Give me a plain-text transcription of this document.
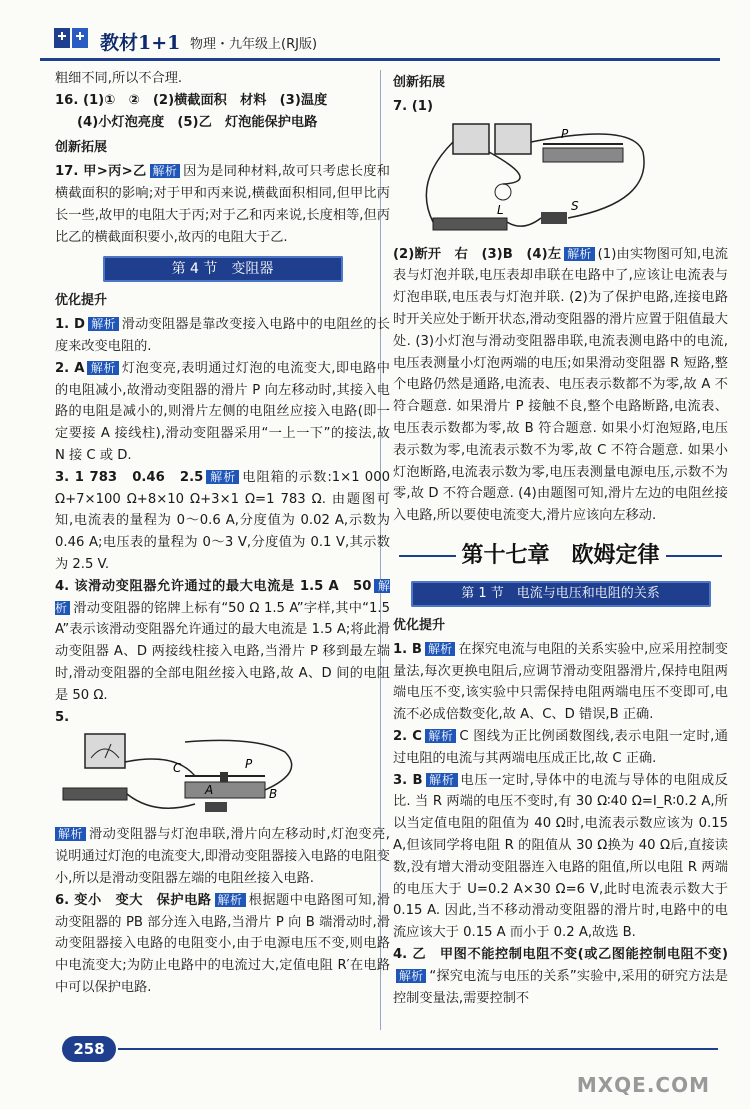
教材1+1 物理・九年级上(RJ版)

粗细不同,所以不合理.

16. (1)①　②　(2)横截面积　材料　(3)温度

(4)小灯泡亮度　(5)乙　灯泡能保护电路

创新拓展

17. 甲>丙>乙 解析 因为是同种材料,故可只考虑长度和横截面积的影响;对于甲和丙来说,横截面积相同,但甲比丙长一些,故甲的电阻大于丙;对于乙和丙来说,长度相等,但丙比乙的横截面积要小,故丙的电阻大于乙.

第 4 节　变阻器
优化提升

1. D 解析 滑动变阻器是靠改变接入电路中的电阻丝的长度来改变电阻的.

2. A 解析 灯泡变亮,表明通过灯泡的电流变大,即电路中的电阻减小,故滑动变阻器的滑片 P 向左移动时,其接入电路的电阻是减小的,则滑片左侧的电阻丝应接入电路(即一定要接 A 接线柱),滑动变阻器采用“一上一下”的接法,故 N 接 C 或 D.

3. 1 783　0.46　2.5 解析 电阻箱的示数:1×1 000 Ω+7×100 Ω+8×10 Ω+3×1 Ω=1 783 Ω. 由题图可知,电流表的量程为 0～0.6 A,分度值为 0.02 A,示数为 0.46 A;电压表的量程为 0～3 V,分度值为 0.1 V,其示数为 2.5 V.

4. 该滑动变阻器允许通过的最大电流是 1.5 A　50 解析 滑动变阻器的铭牌上标有“50 Ω 1.5 A”字样,其中“1.5 A”表示该滑动变阻器允许通过的最大电流是 1.5 A;将此滑动变阻器 A、D 两接线柱接入电路,当滑片 P 移到最左端时,滑动变阻器的全部电阻丝接入电路,故 A、D 间的电阻是 50 Ω.

5.

C	P
A	B

解析 滑动变阻器与灯泡串联,滑片向左移动时,灯泡变亮,说明通过灯泡的电流变大,即滑动变阻器接入电路的电阻变小,所以是滑动变阻器左端的电阻丝接入电路.

6. 变小　变大　保护电路 解析 根据题中电路图可知,滑动变阻器的 PB 部分连入电路,当滑片 P 向 B 端滑动时,滑动变阻器接入电路的电阻变小,由于电源电压不变,则电路中电流变大;为防止电路中的电流过大,定值电阻 R′在电路中可以保护电路.

创新拓展

7. (1)

P
L	S

(2)断开　右　(3)B　(4)左 解析 (1)由实物图可知,电流表与灯泡并联,电压表却串联在电路中了,应该让电流表与灯泡串联,电压表与灯泡并联. (2)为了保护电路,连接电路时开关应处于断开状态,滑动变阻器的滑片应置于阻值最大处. (3)小灯泡与滑动变阻器串联,电流表测电路中的电流,电压表测量小灯泡两端的电压;如果滑动变阻器 R 短路,整个电路仍然是通路,电流表、电压表示数都不为零,故 A 不符合题意. 如果滑片 P 接触不良,整个电路断路,电流表、电压表示数都为零,故 B 符合题意. 如果小灯泡短路,电压表示数为零,电流表示数不为零,故 C 不符合题意. 如果小灯泡断路,电流表示数为零,电压表测量电源电压,示数不为零,故 D 不符合题意. (4)由题图可知,滑片左边的电阻丝接入电路,所以要使电流变大,滑片应该向左移动.

第十七章　欧姆定律
第 1 节　电流与电压和电阻的关系
优化提升

1. B 解析 在探究电流与电阻的关系实验中,应采用控制变量法,每次更换电阻后,应调节滑动变阻器滑片,保持电阻两端电压不变,该实验中只需保持电阻两端电压不变即可,电流不必成倍数变化,故 A、C、D 错误,B 正确.

2. C 解析 C 图线为正比例函数图线,表示电阻一定时,通过电阻的电流与其两端电压成正比,故 C 正确.

3. B 解析 电压一定时,导体中的电流与导体的电阻成反比. 当 R 两端的电压不变时,有 30 Ω∶40 Ω=I_R∶0.2 A,所以当定值电阻的阻值为 40 Ω时,电流表示数应该为 0.15 A,但该同学将电阻 R 的阻值从 30 Ω换为 40 Ω后,直接读数,没有增大滑动变阻器连入电路的阻值,所以电阻 R 两端的电压大于 U=0.2 A×30 Ω=6 V,此时电流表示数大于 0.15 A. 因此,当不移动滑动变阻器的滑片时,电路中的电流应该大于 0.15 A 而小于 0.2 A,故选 B.

4. 乙　甲图不能控制电阻不变(或乙图能控制电阻不变)解析 “探究电流与电压的关系”实验中,采用的研究方法是控制变量法,需要控制不

258
MXQE.COM
